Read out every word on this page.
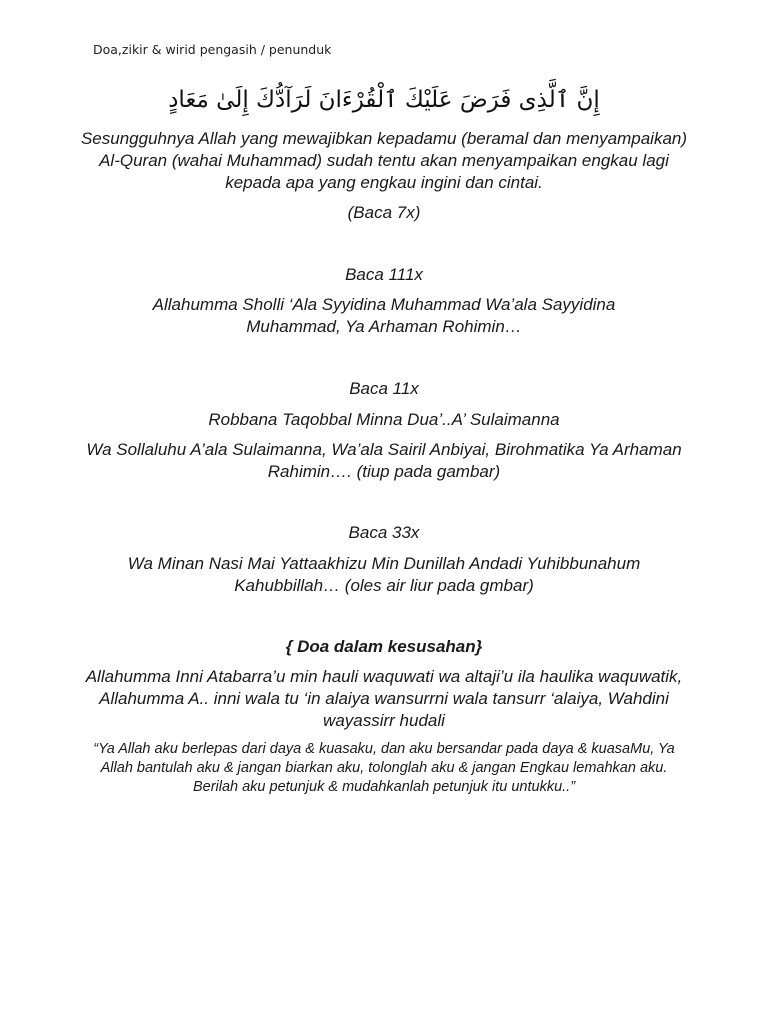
Doa,zikir & wirid pengasih / penunduk
إِنَّ ٱلَّذِى فَرَضَ عَلَيْكَ ٱلْقُرْءَانَ لَرَآدُّكَ إِلَىٰ مَعَادٍ
Sesungguhnya Allah yang mewajibkan kepadamu (beramal dan menyampaikan) Al-Quran (wahai Muhammad) sudah tentu akan menyampaikan engkau lagi kepada apa yang engkau ingini dan cintai.
(Baca 7x)
Baca 111x
Allahumma Sholli ‘Ala Syyidina Muhammad Wa’ala Sayyidina Muhammad, Ya Arhaman Rohimin…
Baca 11x
Robbana Taqobbal Minna Dua’..A’ Sulaimanna
Wa Sollaluhu A’ala Sulaimanna, Wa’ala Sairil Anbiyai, Birohmatika Ya Arhaman Rahimin…. (tiup pada gambar)
Baca 33x
Wa Minan Nasi Mai Yattaakhizu Min Dunillah Andadi Yuhibbunahum Kahubbillah… (oles air liur pada gmbar)
{ Doa dalam kesusahan}
Allahumma Inni Atabarra’u min hauli waquwati wa altaji’u ila haulika waquwatik, Allahumma A.. inni wala tu ‘in alaiya wansurrni wala tansurr ‘alaiya, Wahdini wayassirr hudali
“Ya Allah aku berlepas dari daya & kuasaku, dan aku bersandar pada daya & kuasaMu, Ya Allah bantulah aku & jangan biarkan aku, tolonglah aku & jangan Engkau lemahkan aku. Berilah aku petunjuk & mudahkanlah petunjuk itu untukku..”
